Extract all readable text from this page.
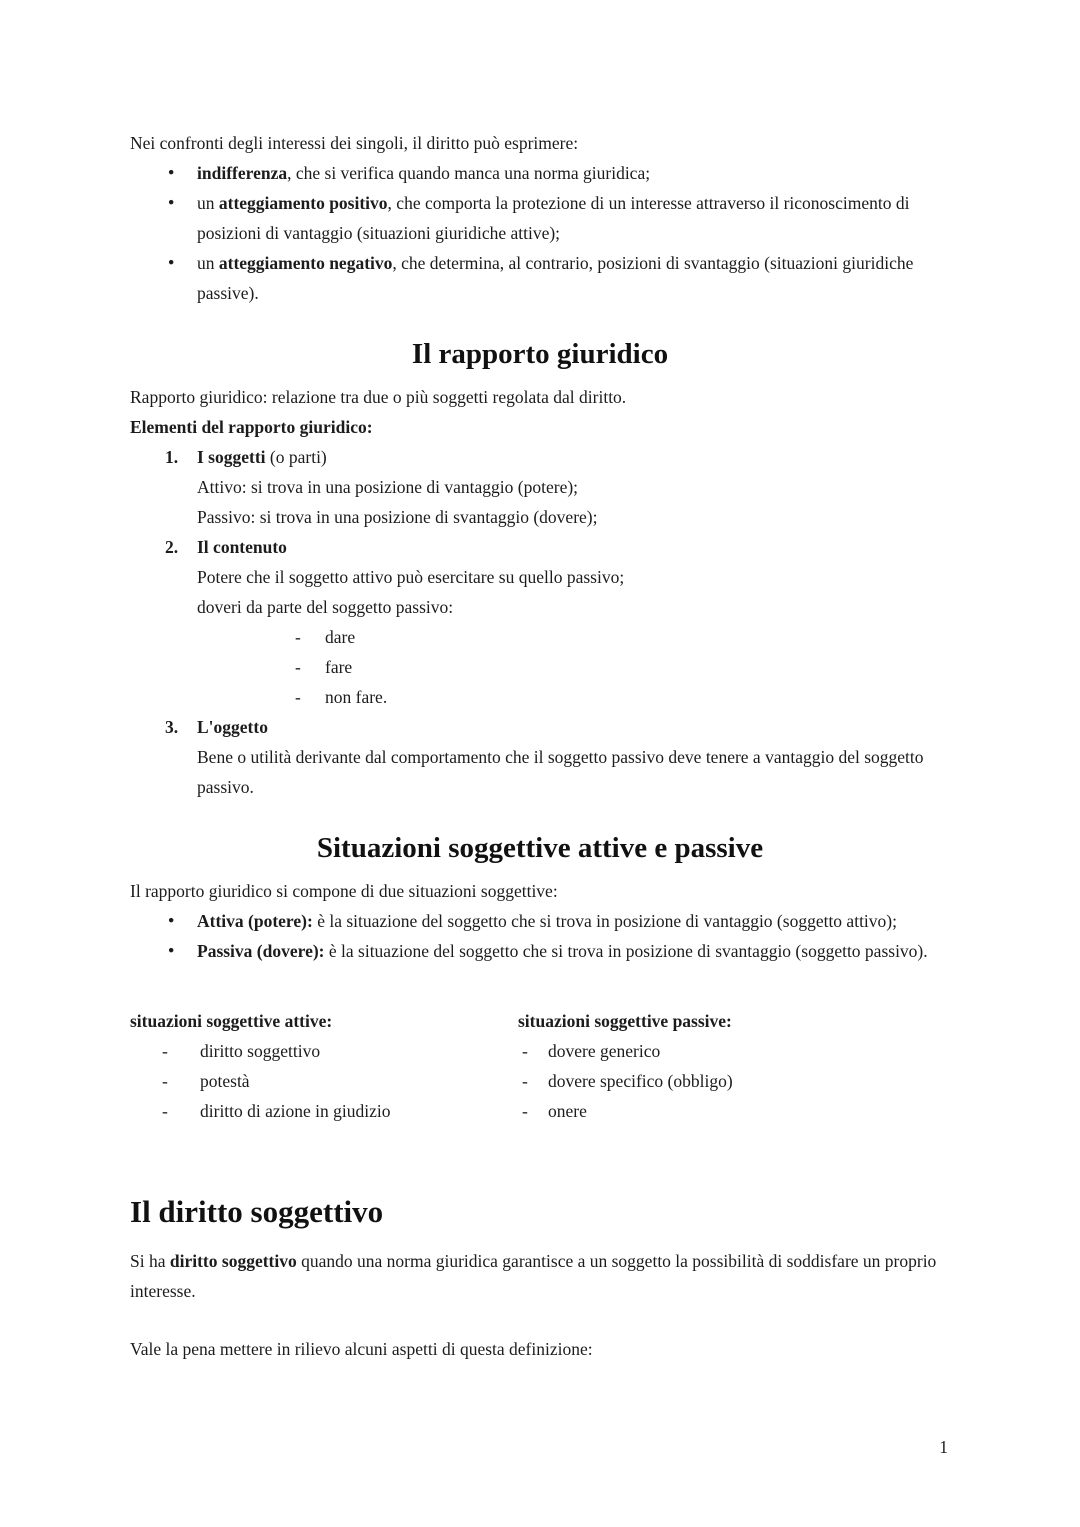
Nei confronti degli interessi dei singoli, il diritto può esprimere:

●	indifferenza, che si verifica quando manca una norma giuridica;
●	un atteggiamento positivo, che comporta la protezione di un interesse attraverso il riconoscimento di posizioni di vantaggio (situazioni giuridiche attive);
●	un atteggiamento negativo, che determina, al contrario, posizioni di svantaggio (situazioni giuridiche passive).
Il rapporto giuridico

Rapporto giuridico: relazione tra due o più soggetti regolata dal diritto.

Elementi del rapporto giuridico:

1.	I soggetti (o parti)
Attivo: si trova in una posizione di vantaggio (potere);
Passivo: si trova in una posizione di svantaggio (dovere);
2.	Il contenuto
Potere che il soggetto attivo può esercitare su quello passivo;
doveri da parte del soggetto passivo:
-	dare
-	fare
-	non fare.
3.	L'oggetto
Bene o utilità derivante dal comportamento che il soggetto passivo deve tenere a vantaggio del soggetto passivo.
Situazioni soggettive attive e passive

Il rapporto giuridico si compone di due situazioni soggettive:

●	Attiva (potere): è la situazione del soggetto che si trova in posizione di vantaggio (soggetto attivo);
●	Passiva (dovere): è la situazione del soggetto che si trova in posizione di svantaggio (soggetto passivo).
situazioni soggettive attive:
-	diritto soggettivo
-	potestà
-	diritto di azione in giudizio
situazioni soggettive passive:
-	dovere generico
-	dovere specifico (obbligo)
-	onere
Il diritto soggettivo

Si ha diritto soggettivo quando una norma giuridica garantisce a un soggetto la possibilità di soddisfare un proprio interesse.

Vale la pena mettere in rilievo alcuni aspetti di questa definizione:

1
